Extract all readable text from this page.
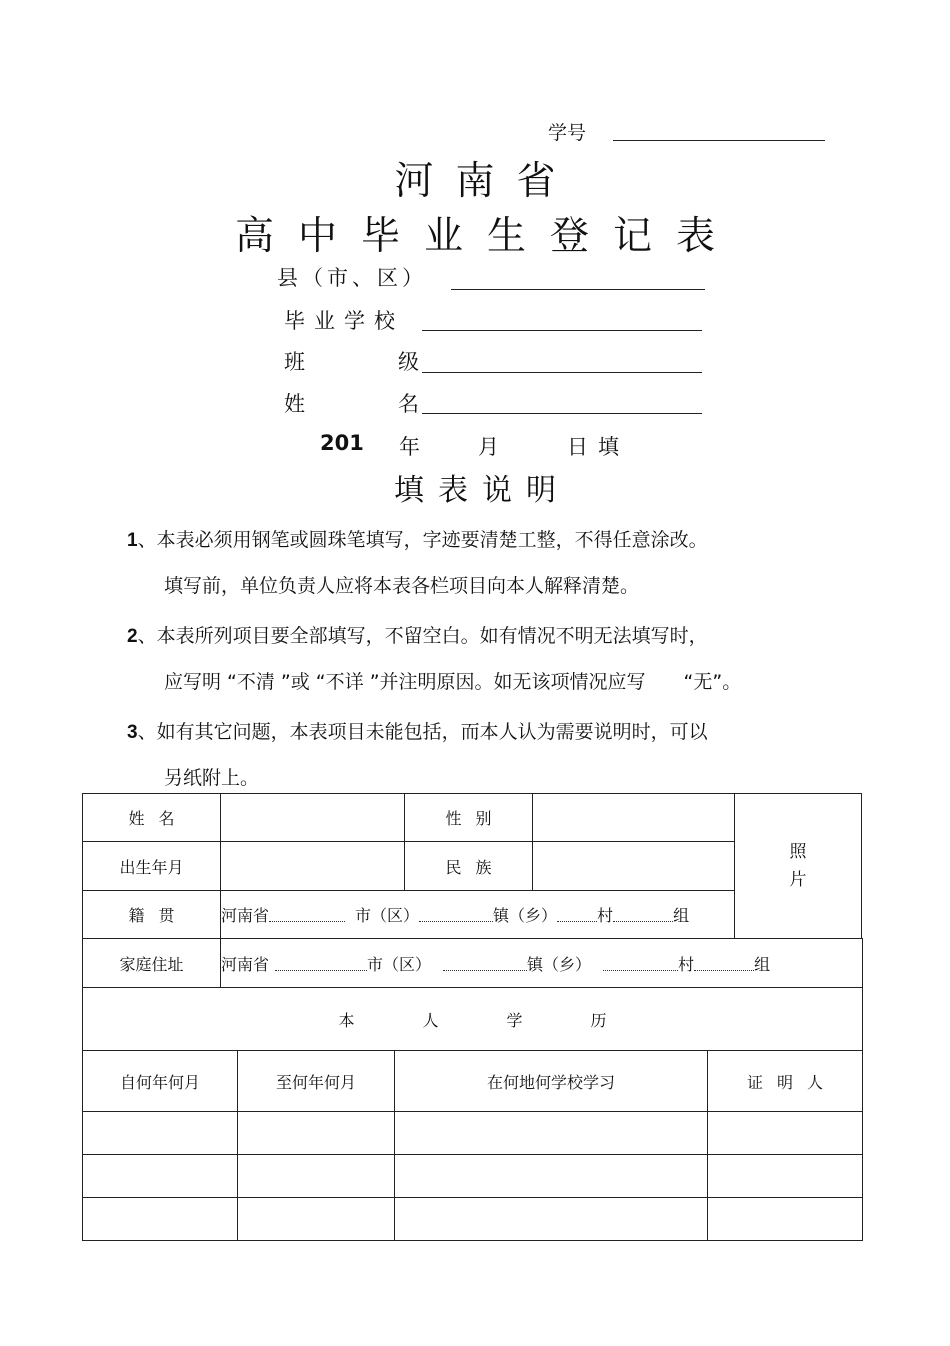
学号
河南省
高中毕业生登记表
县（市、区）
毕业学校
班	级
姓	名
201 年	月	日填
填表说明
1、本表必须用钢笔或圆珠笔填写，字迹要清楚工整，不得任意涂改。
填写前，单位负责人应将本表各栏项目向本人解释清楚。
2、本表所列项目要全部填写，不留空白。如有情况不明无法填写时，
应写明 “不清 ”或 “不详 ”并注明原因。如无该项情况应写　　“无”。
3、如有其它问题，本表项目未能包括，而本人认为需要说明时，可以
另纸附上。
姓名	性别
照
片
出生年月	民族
籍贯	河南省	市（区）	镇（乡）	村	组
家庭住址	河南省	市（区）	镇（乡）	村	组
本人学历
自何年何月	至何年何月	在何地何学校学习	证明人
